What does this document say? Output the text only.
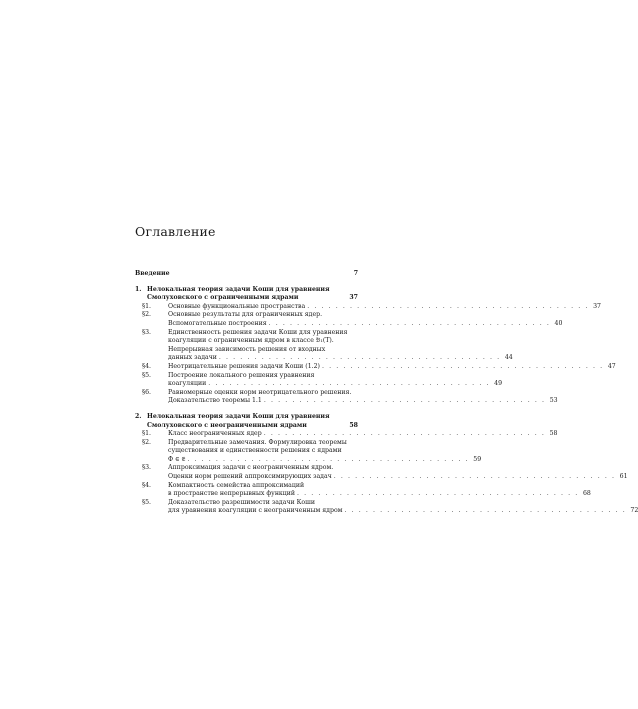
Оглавление
Введение	7
1. Нелокальная теория задачи Коши для уравнения
Смолуховского с ограниченными ядрами	37
§1.	Основные функциональные пространства . . . . . . . . . . . . . . . . . . . . . . . . . . . . . . . . . . . . . . . . 37
§2.	Основные результаты для ограниченных ядер.
Вспомогательные построения . . . . . . . . . . . . . . . . . . . . . . . . . . . . . . . . . . . . . . . . 40
§3.	Единственность решения задачи Коши для уравнения
коагуляции с ограниченным ядром в классе 𝔅₁(T).
Непрерывная зависимость решения от входных
данных задачи . . . . . . . . . . . . . . . . . . . . . . . . . . . . . . . . . . . . . . . . 44
§4.	Неотрицательные решения задачи Коши (1.2) . . . . . . . . . . . . . . . . . . . . . . . . . . . . . . . . . . . . . . . . 47
§5.	Построение локального решения уравнения
коагуляции . . . . . . . . . . . . . . . . . . . . . . . . . . . . . . . . . . . . . . . . 49
§6.	Равномерные оценки норм неотрицательного решения.
Доказательство теоремы 1.1 . . . . . . . . . . . . . . . . . . . . . . . . . . . . . . . . . . . . . . . . 53
2. Нелокальная теория задачи Коши для уравнения
Смолуховского с неограниченными ядрами	58
§1.	Класс неограниченных ядер . . . . . . . . . . . . . . . . . . . . . . . . . . . . . . . . . . . . . . . . 58
§2.	Предварительные замечания. Формулировка теоремы
существования и единственности решения с ядрами
Φ ∈ 𝔈 . . . . . . . . . . . . . . . . . . . . . . . . . . . . . . . . . . . . . . . . 59
§3.	Аппроксимация задачи с неограниченным ядром.
Оценки норм решений аппроксимирующих задач . . . . . . . . . . . . . . . . . . . . . . . . . . . . . . . . . . . . . . . . 61
§4.	Компактность семейства аппроксимаций
в пространстве непрерывных функций . . . . . . . . . . . . . . . . . . . . . . . . . . . . . . . . . . . . . . . . 68
§5.	Доказательство разрешимости задачи Коши
для уравнения коагуляции с неограниченным ядром . . . . . . . . . . . . . . . . . . . . . . . . . . . . . . . . . . . . . . . . 72
